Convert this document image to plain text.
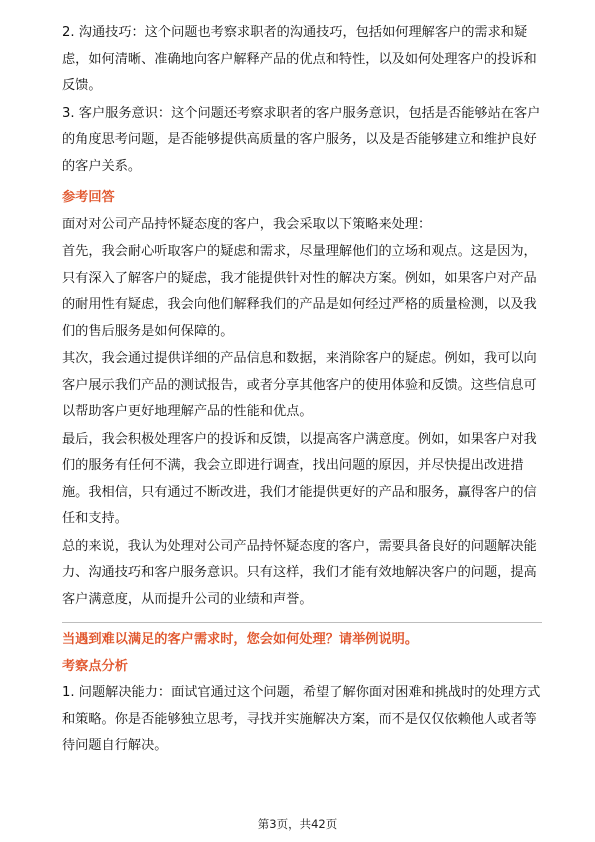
2. 沟通技巧：这个问题也考察求职者的沟通技巧，包括如何理解客户的需求和疑虑，如何清晰、准确地向客户解释产品的优点和特性，以及如何处理客户的投诉和反馈。

3. 客户服务意识：这个问题还考察求职者的客户服务意识，包括是否能够站在客户的角度思考问题，是否能够提供高质量的客户服务，以及是否能够建立和维护良好的客户关系。

参考回答

面对对公司产品持怀疑态度的客户，我会采取以下策略来处理：

首先，我会耐心听取客户的疑虑和需求，尽量理解他们的立场和观点。这是因为，只有深入了解客户的疑虑，我才能提供针对性的解决方案。例如，如果客户对产品的耐用性有疑虑，我会向他们解释我们的产品是如何经过严格的质量检测，以及我们的售后服务是如何保障的。

其次，我会通过提供详细的产品信息和数据，来消除客户的疑虑。例如，我可以向客户展示我们产品的测试报告，或者分享其他客户的使用体验和反馈。这些信息可以帮助客户更好地理解产品的性能和优点。

最后，我会积极处理客户的投诉和反馈，以提高客户满意度。例如，如果客户对我们的服务有任何不满，我会立即进行调查，找出问题的原因，并尽快提出改进措施。我相信，只有通过不断改进，我们才能提供更好的产品和服务，赢得客户的信任和支持。

总的来说，我认为处理对公司产品持怀疑态度的客户，需要具备良好的问题解决能力、沟通技巧和客户服务意识。只有这样，我们才能有效地解决客户的问题，提高客户满意度，从而提升公司的业绩和声誉。

当遇到难以满足的客户需求时，您会如何处理？请举例说明。

考察点分析

1. 问题解决能力：面试官通过这个问题，希望了解你面对困难和挑战时的处理方式和策略。你是否能够独立思考，寻找并实施解决方案，而不是仅仅依赖他人或者等待问题自行解决。

第3页，共42页
